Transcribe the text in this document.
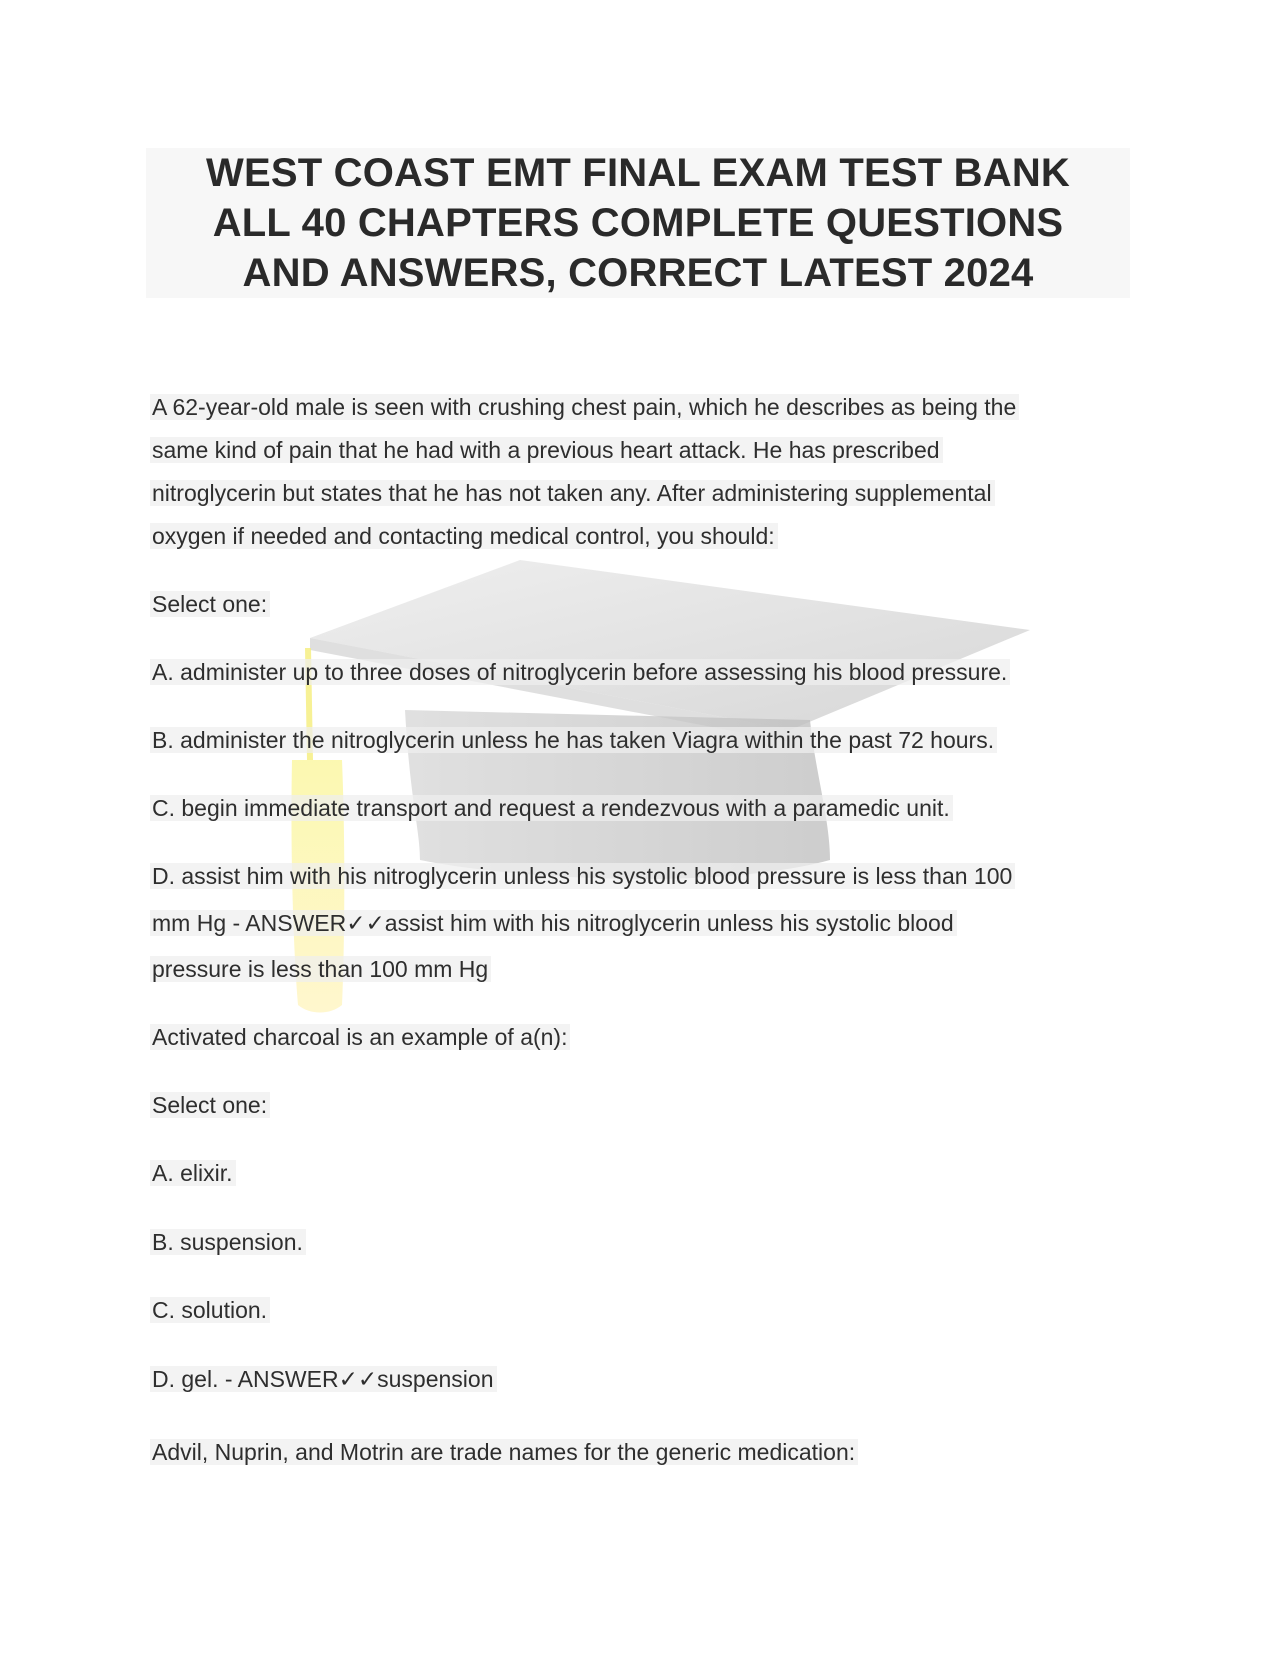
WEST COAST EMT FINAL EXAM TEST BANK
ALL 40 CHAPTERS COMPLETE QUESTIONS
AND ANSWERS, CORRECT LATEST 2024
A 62-year-old male is seen with crushing chest pain, which he describes as being the
same kind of pain that he had with a previous heart attack. He has prescribed
nitroglycerin but states that he has not taken any. After administering supplemental
oxygen if needed and contacting medical control, you should:
Select one:
A. administer up to three doses of nitroglycerin before assessing his blood pressure.
B. administer the nitroglycerin unless he has taken Viagra within the past 72 hours.
C. begin immediate transport and request a rendezvous with a paramedic unit.
D. assist him with his nitroglycerin unless his systolic blood pressure is less than 100
mm Hg - ANSWER✓✓assist him with his nitroglycerin unless his systolic blood
pressure is less than 100 mm Hg
Activated charcoal is an example of a(n):
Select one:
A. elixir.
B. suspension.
C. solution.
D. gel. - ANSWER✓✓suspension
Advil, Nuprin, and Motrin are trade names for the generic medication:
